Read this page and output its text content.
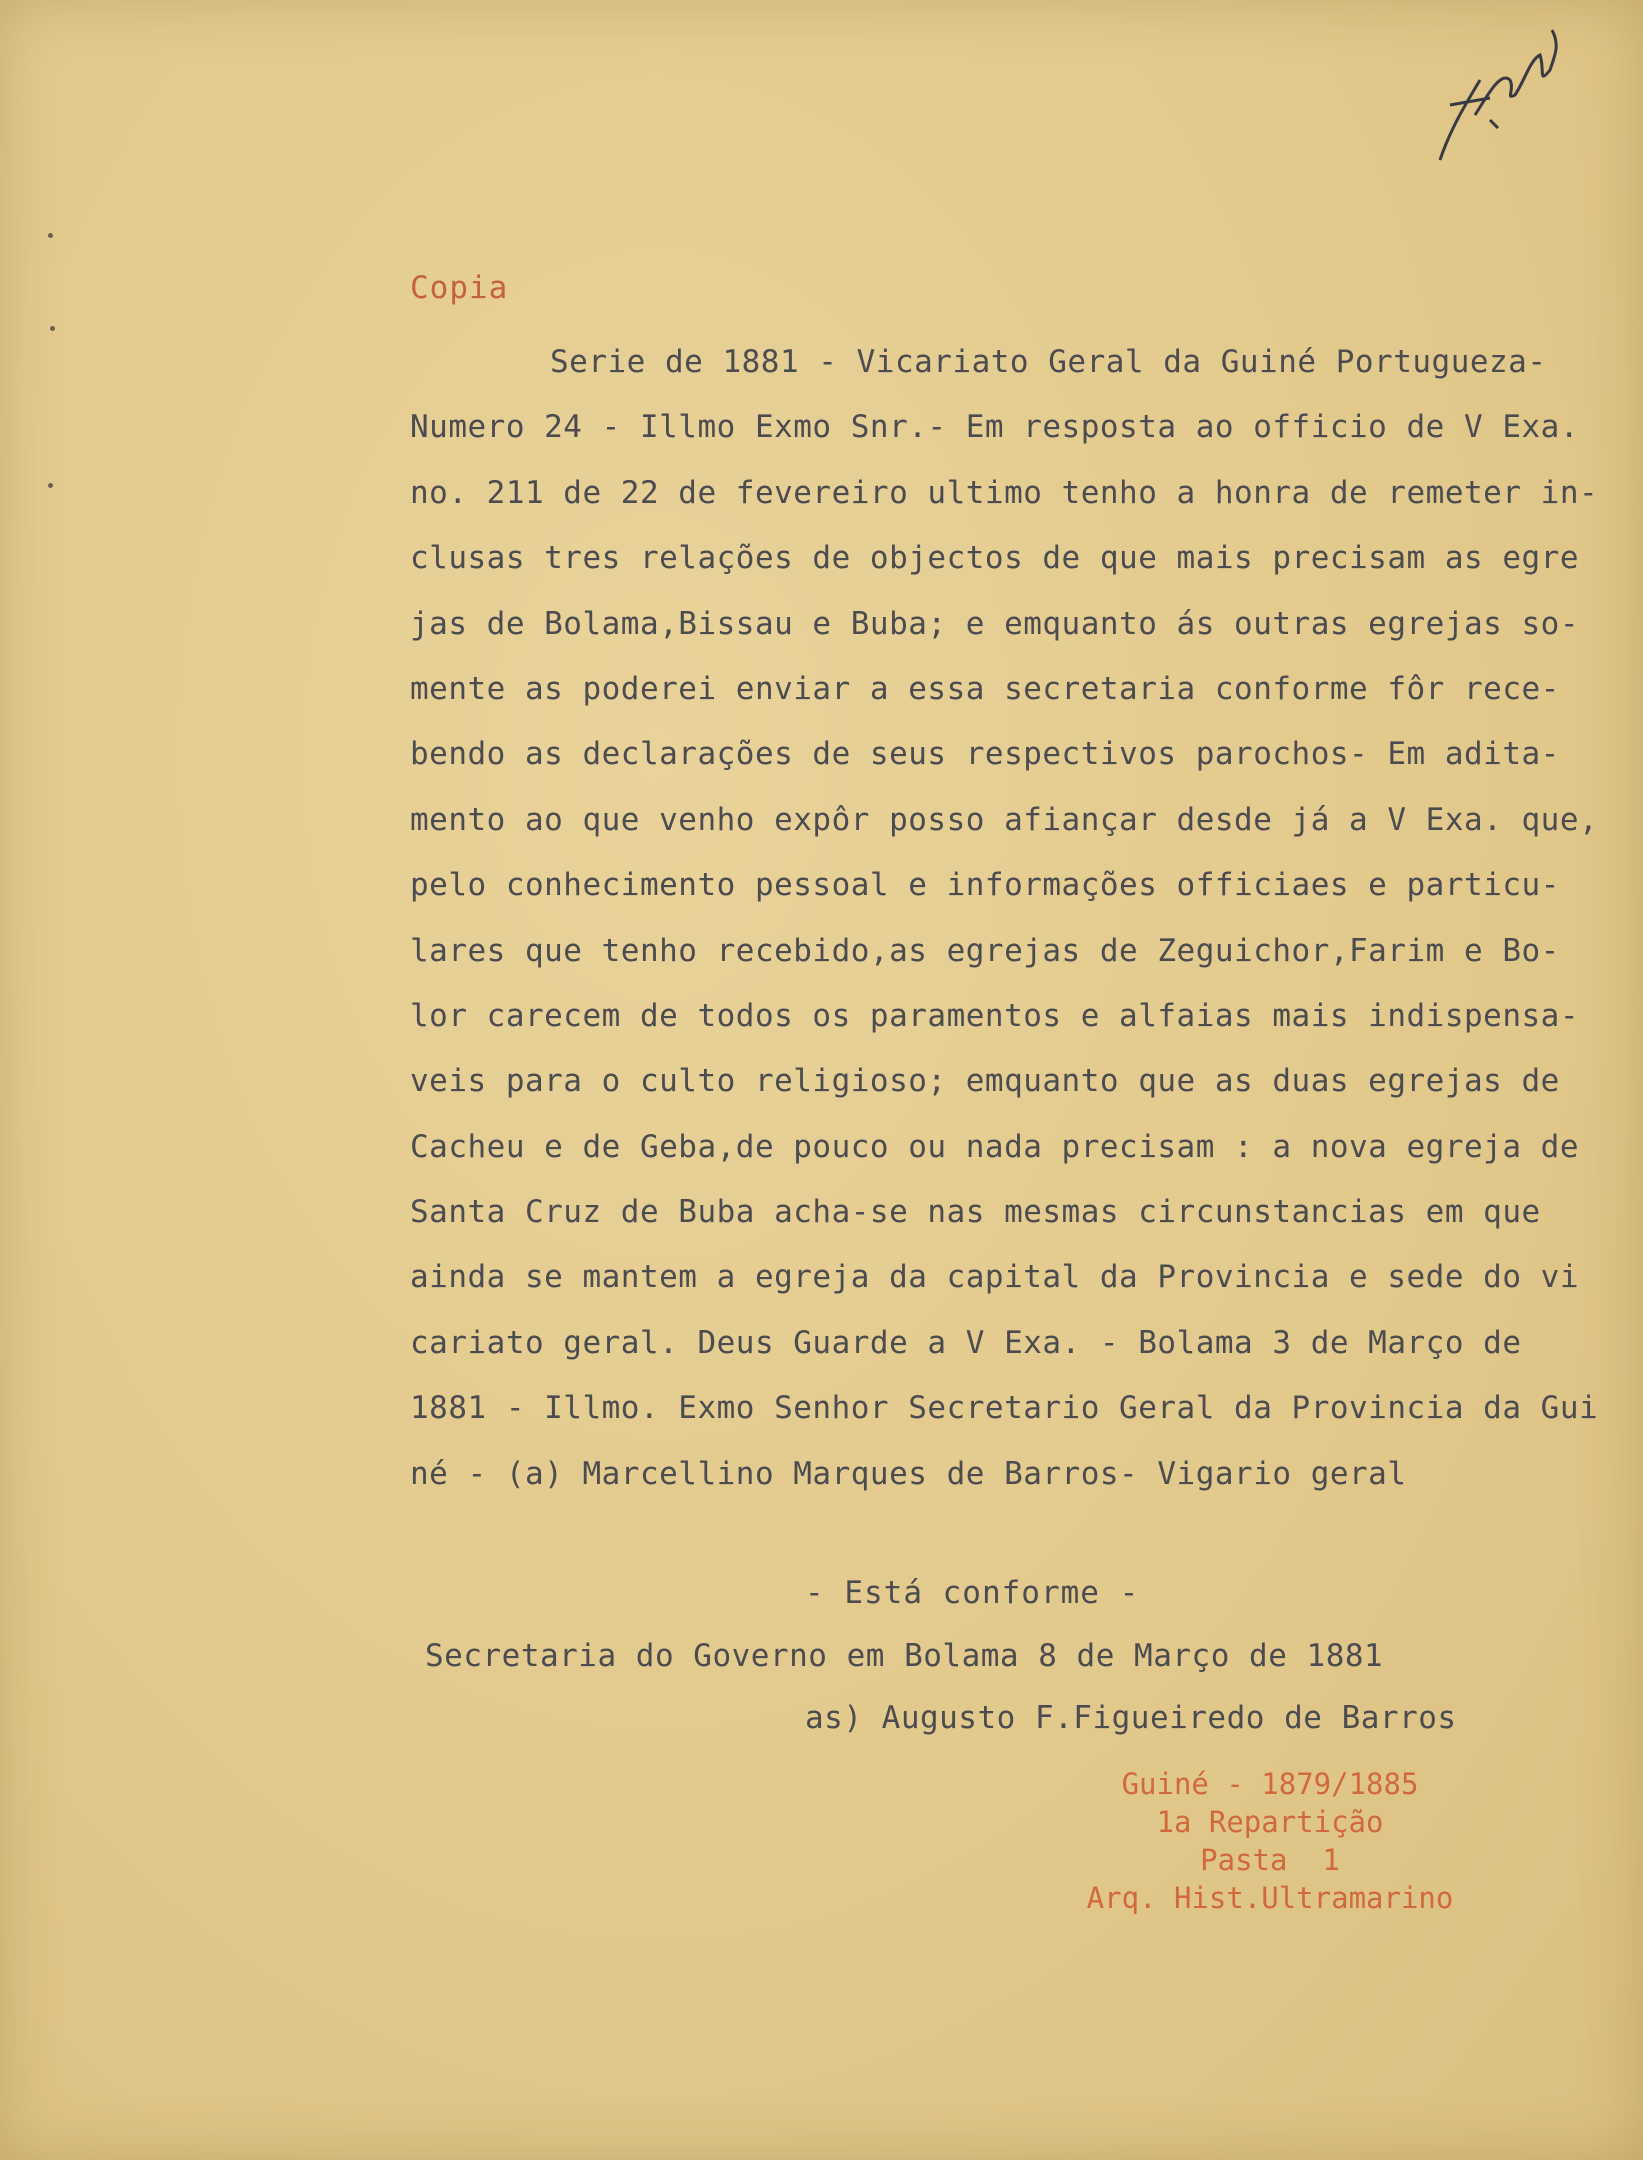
Copia
Serie de 1881 - Vicariato Geral da Guiné Portugueza-
Numero 24 - Illmo Exmo Snr.- Em resposta ao officio de V Exa.
no. 211 de 22 de fevereiro ultimo tenho a honra de remeter in-
clusas tres relações de objectos de que mais precisam as egre
jas de Bolama,Bissau e Buba; e emquanto ás outras egrejas so-
mente as poderei enviar a essa secretaria conforme fôr rece-
bendo as declarações de seus respectivos parochos- Em adita-
mento ao que venho expôr posso afiançar desde já a V Exa. que,
pelo conhecimento pessoal e informações officiaes e particu-
lares que tenho recebido,as egrejas de Zeguichor,Farim e Bo-
lor carecem de todos os paramentos e alfaias mais indispensa-
veis para o culto religioso; emquanto que as duas egrejas de
Cacheu e de Geba,de pouco ou nada precisam : a nova egreja de
Santa Cruz de Buba acha-se nas mesmas circunstancias em que
ainda se mantem a egreja da capital da Provincia e sede do vi
cariato geral. Deus Guarde a V Exa. - Bolama 3 de Março de
1881 - Illmo. Exmo Senhor Secretario Geral da Provincia da Gui
né - (a) Marcellino Marques de Barros- Vigario geral
- Está conforme -
Secretaria do Governo em Bolama 8 de Março de 1881
as) Augusto F.Figueiredo de Barros
Guiné - 1879/1885
1a Repartição
Pasta  1
Arq. Hist.Ultramarino
